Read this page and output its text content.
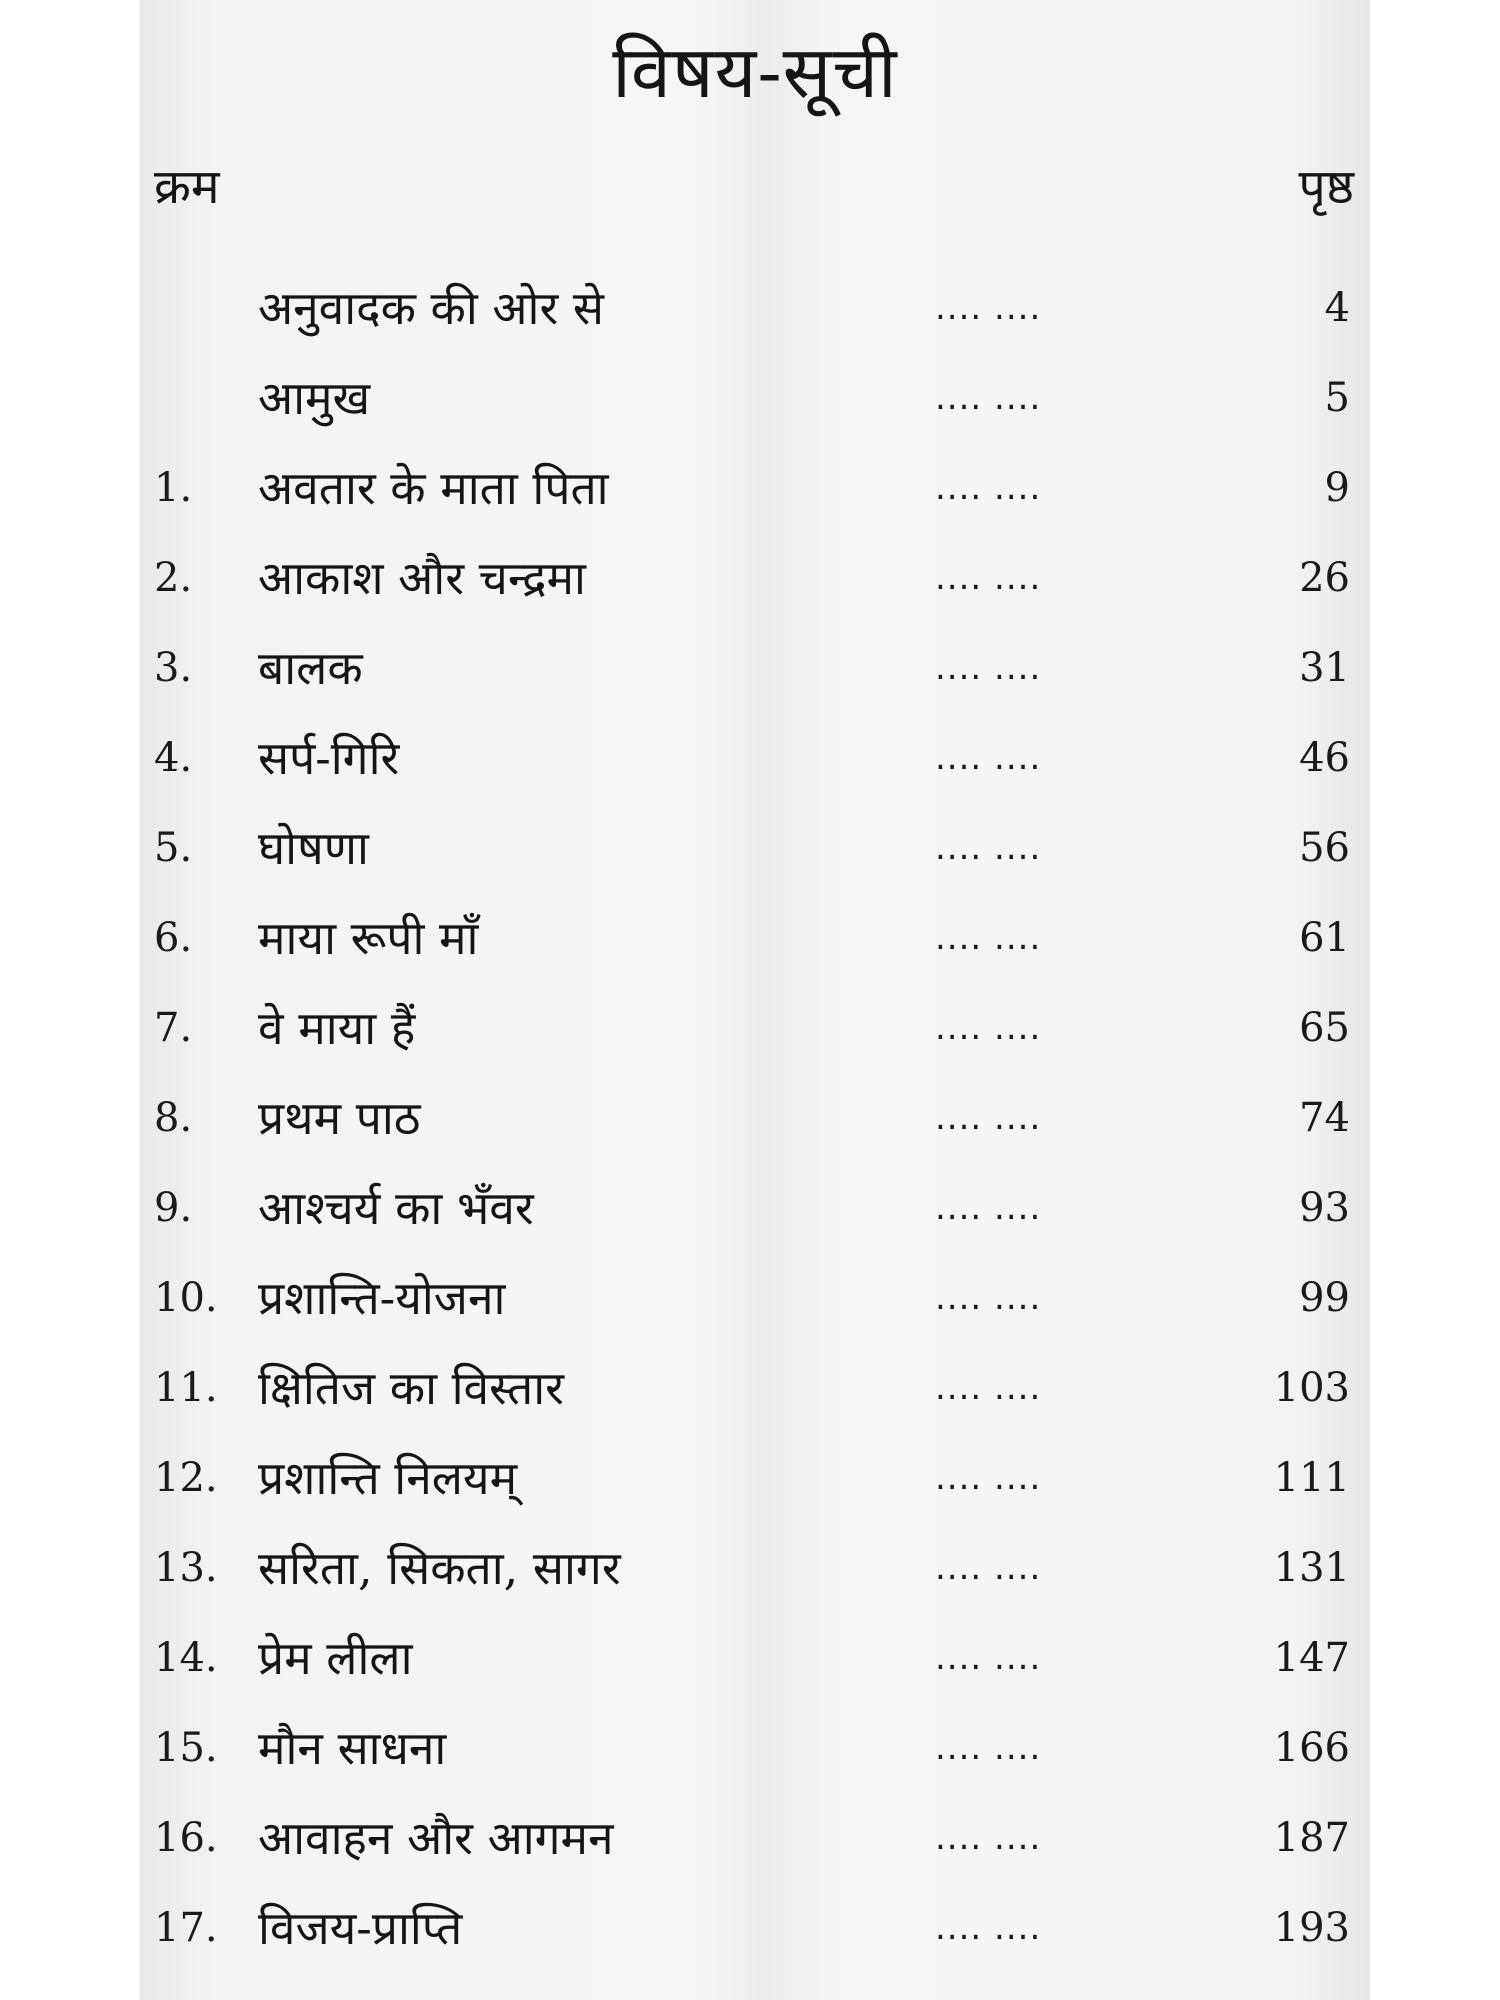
विषय-सूची
क्रम	पृष्ठ
अनुवादक की ओर से	.... ....	4
आमुख	.... ....	5
1.	अवतार के माता पिता	.... ....	9
2.	आकाश और चन्द्रमा	.... ....	26
3.	बालक	.... ....	31
4.	सर्प-गिरि	.... ....	46
5.	घोषणा	.... ....	56
6.	माया रूपी माँ	.... ....	61
7.	वे माया हैं	.... ....	65
8.	प्रथम पाठ	.... ....	74
9.	आश्चर्य का भँवर	.... ....	93
10. प्रशान्ति-योजना	.... ....	99
11. क्षितिज का विस्तार	.... ....	103
12. प्रशान्ति निलयम्	.... ....	111
13. सरिता, सिकता, सागर	.... ....	131
14. प्रेम लीला	.... ....	147
15. मौन साधना	.... ....	166
16. आवाहन और आगमन	.... ....	187
17. विजय-प्राप्ति	.... ....	193
